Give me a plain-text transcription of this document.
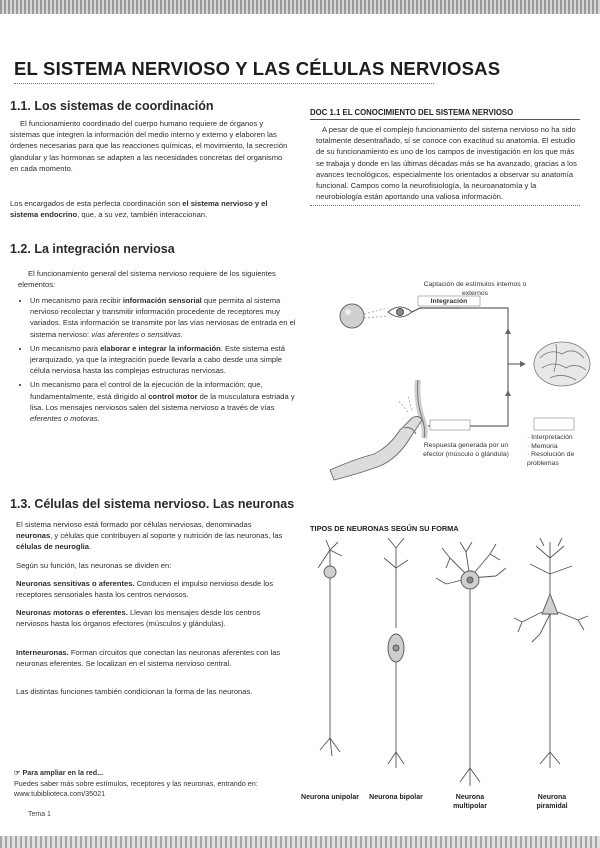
EL SISTEMA NERVIOSO Y LAS CÉLULAS NERVIOSAS
1.1. Los sistemas de coordinación
El funcionamiento coordinado del cuerpo humano requiere de órganos y sistemas que integren la información del medio interno y externo y elaboren las órdenes necesarias para que las reacciones químicas, el movimiento, la secreción glandular y las hormonas se adapten a las necesidades concretas del organismo en cada momento.
Los encargados de esta perfecta coordinación son el sistema nervioso y el sistema endocrino, que, a su vez, también interaccionan.
DOC 1.1 EL CONOCIMIENTO DEL SISTEMA NERVIOSO
A pesar de que el complejo funcionamiento del sistema nervioso no ha sido totalmente desentrañado, sí se conoce con exactitud su anatomía. El estudio de su funcionamiento es uno de los campos de investigación en los que más se trabaja y donde en las últimas décadas más se ha avanzado, gracias a los avances tecnológicos, especialmente los orientados a observar su anatomía funcional. Campos como la neurofisiología, la neuroanatomía y la neurobiología están aportando una valiosa información.
1.2. La integración nerviosa
El funcionamiento general del sistema nervioso requiere de los siguientes elementos:
• Un mecanismo para recibir información sensorial que permita al sistema nervioso recolectar y transmitir información procedente de receptores muy variados. Esta información se transmite por las vías nerviosas de entrada en el sistema nervioso: vías aferentes o sensitivas.
• Un mecanismo para elaborar e integrar la información. Este sistema está jerarquizado, ya que la integración puede llevarla a cabo desde una simple célula nerviosa hasta las complejas estructuras nerviosas.
• Un mecanismo para el control de la ejecución de la información; que, fundamentalmente, está dirigido al control motor de la musculatura estriada y lisa. Los mensajes nerviosos salen del sistema nervioso a través de vías eferentes o motoras.
Captación de estímulos internos o externos
Integración
Respuesta generada por un efector (músculo o glándula)
· Interpretación
· Memoria
· Resolución de problemas
1.3. Células del sistema nervioso. Las neuronas
El sistema nervioso está formado por células nerviosas, denominadas neuronas, y células que contribuyen al soporte y nutrición de las neuronas, las células de neuroglia.
Según su función, las neuronas se dividen en:
Neuronas sensitivas o aferentes. Conducen el impulso nervioso desde los receptores sensoriales hasta los centros nerviosos.
Neuronas motoras o eferentes. Llevan los mensajes desde los centros nerviosos hasta los órganos efectores (músculos y glándulas).
Interneuronas. Forman circuitos que conectan las neuronas aferentes con las neuronas eferentes. Se localizan en el sistema nervioso central.
Las distintas funciones también condicionan la forma de las neuronas.
TIPOS DE NEURONAS SEGÚN SU FORMA
Neurona unipolar	Neurona bipolar	Neurona multipolar
Neurona piramidal
☞ Para ampliar en la red...
Puedes saber más sobre estímulos, receptores y las neuronas, entrando en: www.tubiblioteca.com/35021
Tema 1
